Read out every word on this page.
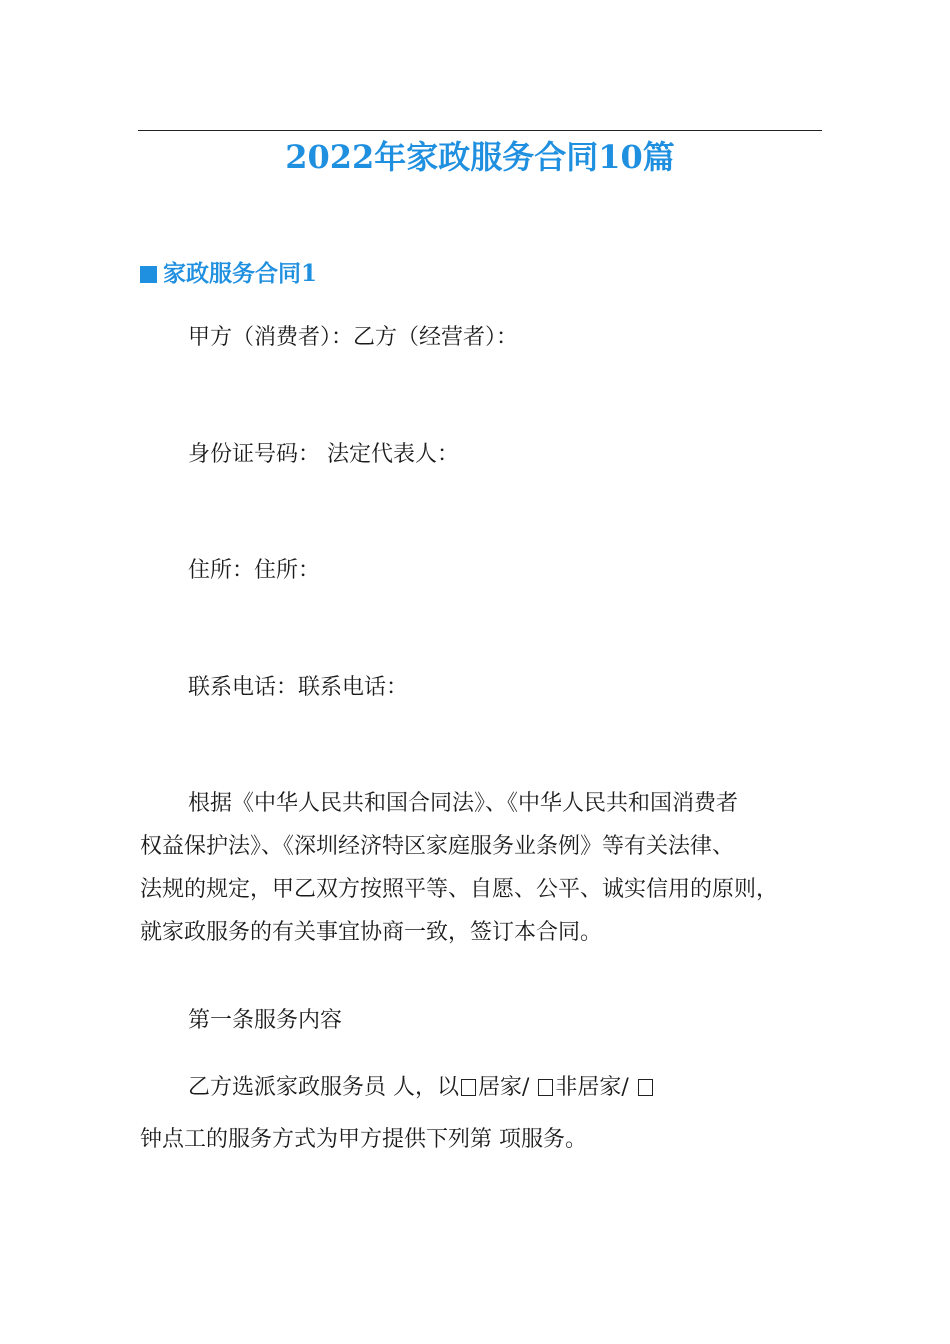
2022年家政服务合同10篇
家政服务合同1
甲方（消费者）：乙方（经营者）：
身份证号码： 法定代表人：
住所：住所：
联系电话：联系电话：
根据《中华人民共和国合同法》、《中华人民共和国消费者
权益保护法》、《深圳经济特区家庭服务业条例》等有关法律、
法规的规定，甲乙双方按照平等、自愿、公平、诚实信用的原则，
就家政服务的有关事宜协商一致，签订本合同。
第一条服务内容
乙方选派家政服务员 人，以 居家/ 非居家/
钟点工的服务方式为甲方提供下列第 项服务。
